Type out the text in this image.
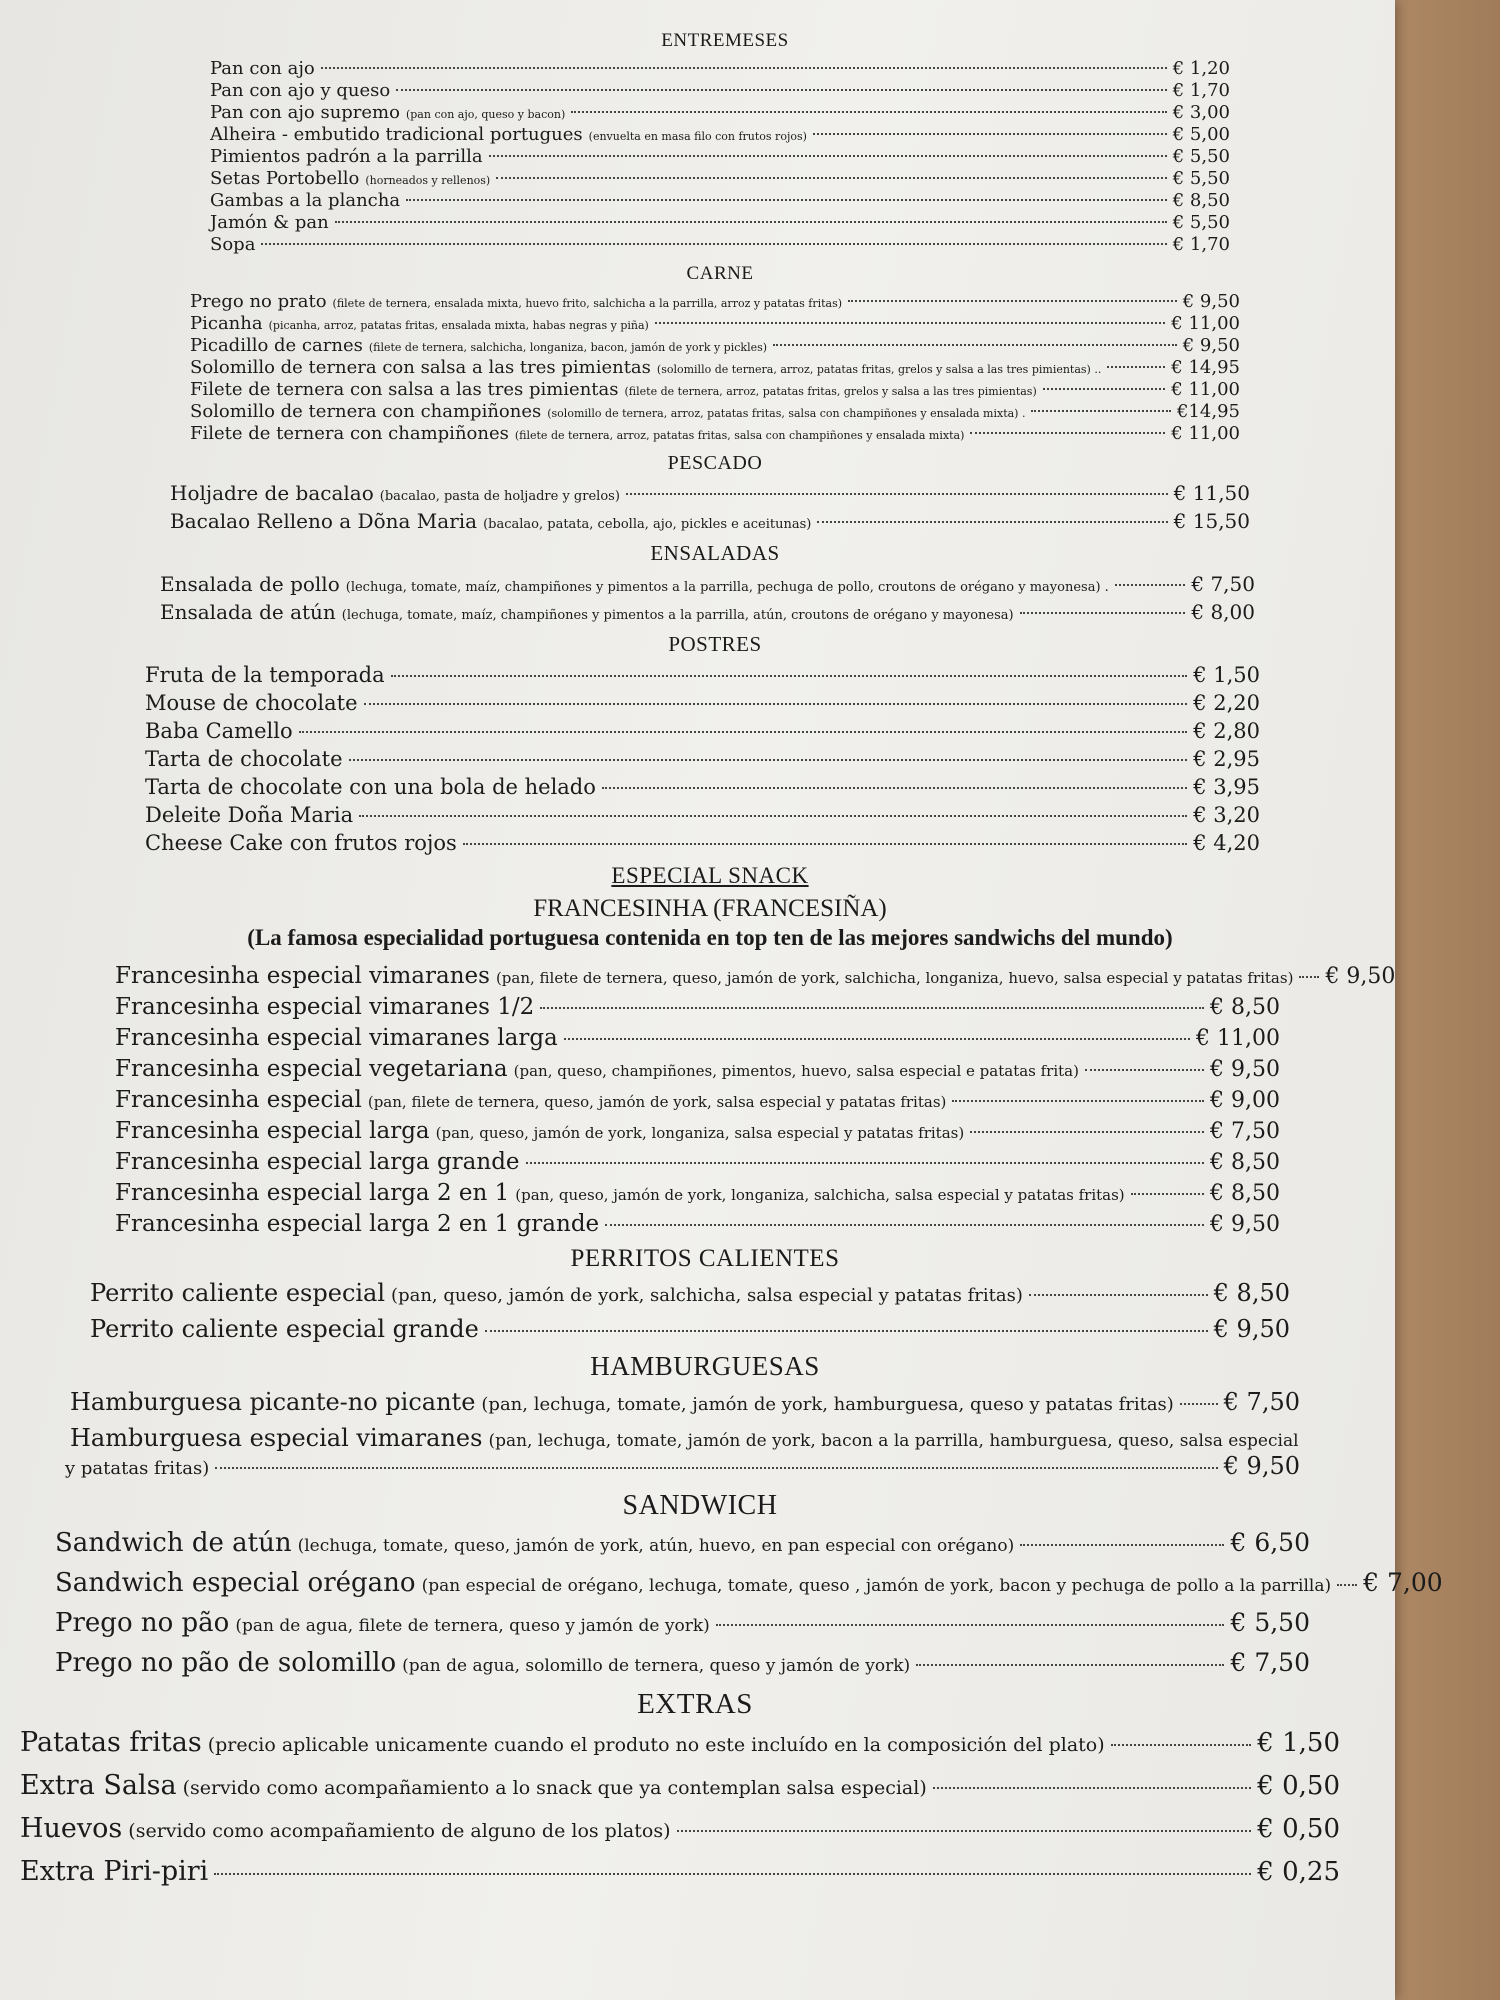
ENTREMESES
Pan con ajo	€ 1,20
Pan con ajo y queso	€ 1,70
Pan con ajo supremo (pan con ajo, queso y bacon)	€ 3,00
Alheira - embutido tradicional portugues (envuelta en masa filo con frutos rojos)	€ 5,00
Pimientos padrón a la parrilla	€ 5,50
Setas Portobello (horneados y rellenos)	€ 5,50
Gambas a la plancha	€ 8,50
Jamón & pan	€ 5,50
Sopa	€ 1,70
CARNE
Prego no prato (filete de ternera, ensalada mixta, huevo frito, salchicha a la parrilla, arroz y patatas fritas)	€ 9,50
Picanha (picanha, arroz, patatas fritas, ensalada mixta, habas negras y piña)	€ 11,00
Picadillo de carnes (filete de ternera, salchicha, longaniza, bacon, jamón de york y pickles)	€ 9,50
Solomillo de ternera con salsa a las tres pimientas (solomillo de ternera, arroz, patatas fritas, grelos y salsa a las tres pimientas) ..	€ 14,95
Filete de ternera con salsa a las tres pimientas (filete de ternera, arroz, patatas fritas, grelos y salsa a las tres pimientas)	€ 11,00
Solomillo de ternera con champiñones (solomillo de ternera, arroz, patatas fritas, salsa con champiñones y ensalada mixta) .	€14,95
Filete de ternera con champiñones (filete de ternera, arroz, patatas fritas, salsa con champiñones y ensalada mixta)	€ 11,00
PESCADO
Holjadre de bacalao (bacalao, pasta de holjadre y grelos)	€ 11,50
Bacalao Relleno a Dõna Maria (bacalao, patata, cebolla, ajo, pickles e aceitunas)	€ 15,50
ENSALADAS
Ensalada de pollo (lechuga, tomate, maíz, champiñones y pimentos a la parrilla, pechuga de pollo, croutons de orégano y mayonesa) .	€ 7,50
Ensalada de atún (lechuga, tomate, maíz, champiñones y pimentos a la parrilla, atún, croutons de orégano y mayonesa)	€ 8,00
POSTRES
Fruta de la temporada	€ 1,50
Mouse de chocolate	€ 2,20
Baba Camello	€ 2,80
Tarta de chocolate	€ 2,95
Tarta de chocolate con una bola de helado	€ 3,95
Deleite Doña Maria	€ 3,20
Cheese Cake con frutos rojos	€ 4,20
ESPECIAL SNACK
FRANCESINHA (FRANCESIÑA)
(La famosa especialidad portuguesa contenida en top ten de las mejores sandwichs del mundo)
Francesinha especial vimaranes (pan, filete de ternera, queso, jamón de york, salchicha, longaniza, huevo, salsa especial y patatas fritas) € 9,50
Francesinha especial vimaranes 1/2	€ 8,50
Francesinha especial vimaranes larga	€ 11,00
Francesinha especial vegetariana (pan, queso, champiñones, pimentos, huevo, salsa especial e patatas frita)	€ 9,50
Francesinha especial (pan, filete de ternera, queso, jamón de york, salsa especial y patatas fritas)	€ 9,00
Francesinha especial larga (pan, queso, jamón de york, longaniza, salsa especial y patatas fritas)	€ 7,50
Francesinha especial larga grande	€ 8,50
Francesinha especial larga 2 en 1 (pan, queso, jamón de york, longaniza, salchicha, salsa especial y patatas fritas)	€ 8,50
Francesinha especial larga 2 en 1 grande	€ 9,50
PERRITOS CALIENTES
Perrito caliente especial (pan, queso, jamón de york, salchicha, salsa especial y patatas fritas)	€ 8,50
Perrito caliente especial grande	€ 9,50
HAMBURGUESAS
Hamburguesa picante-no picante (pan, lechuga, tomate, jamón de york, hamburguesa, queso y patatas fritas) € 7,50
Hamburguesa especial vimaranes (pan, lechuga, tomate, jamón de york, bacon a la parrilla, hamburguesa, queso, salsa especial
y patatas fritas)	€ 9,50
SANDWICH
Sandwich de atún (lechuga, tomate, queso, jamón de york, atún, huevo, en pan especial con orégano)	€ 6,50
Sandwich especial orégano (pan especial de orégano, lechuga, tomate, queso , jamón de york, bacon y pechuga de pollo a la parrilla) € 7,00
Prego no pão (pan de agua, filete de ternera, queso y jamón de york)	€ 5,50
Prego no pão de solomillo (pan de agua, solomillo de ternera, queso y jamón de york)	€ 7,50
EXTRAS
Patatas fritas (precio aplicable unicamente cuando el produto no este incluído en la composición del plato)	€ 1,50
Extra Salsa (servido como acompañamiento a lo snack que ya contemplan salsa especial)	€ 0,50
Huevos (servido como acompañamiento de alguno de los platos)	€ 0,50
Extra Piri-piri	€ 0,25
